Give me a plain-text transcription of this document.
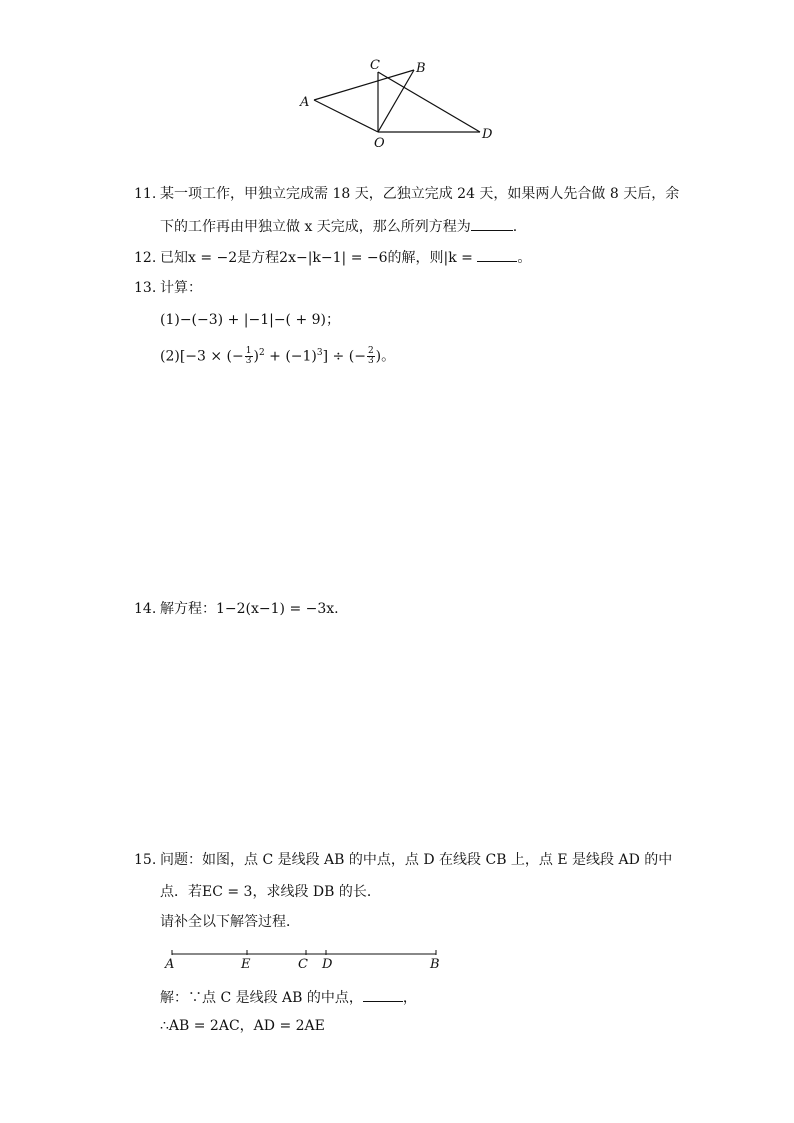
C	B
A
O
D
11. 某一项工作，甲独立完成需 18 天，乙独立完成 24 天，如果两人先合做 8 天后，余
下的工作再由甲独立做 x 天完成，那么所列方程为	.
12. 已知x = −2是方程2x−|k−1| = −6的解，则|k =	。
13. 计算：
(1)−(−3) + |−1|−( + 9)；
(2)[−3 × (− $\frac{1}{3} )^2 + (-1)^3$] ÷ (− $\frac{2}{3}$ )。
14. 解方程：1−2(x−1) = −3x.
15. 问题：如图，点 C 是线段 AB 的中点，点 D 在线段 CB 上，点 E 是线段 AD 的中
点．若EC = 3，求线段 DB 的长．
请补全以下解答过程．
A	E	C D	B
解：∵点 C 是线段 AB 的中点，	，
∴AB = 2AC，AD = 2AE
